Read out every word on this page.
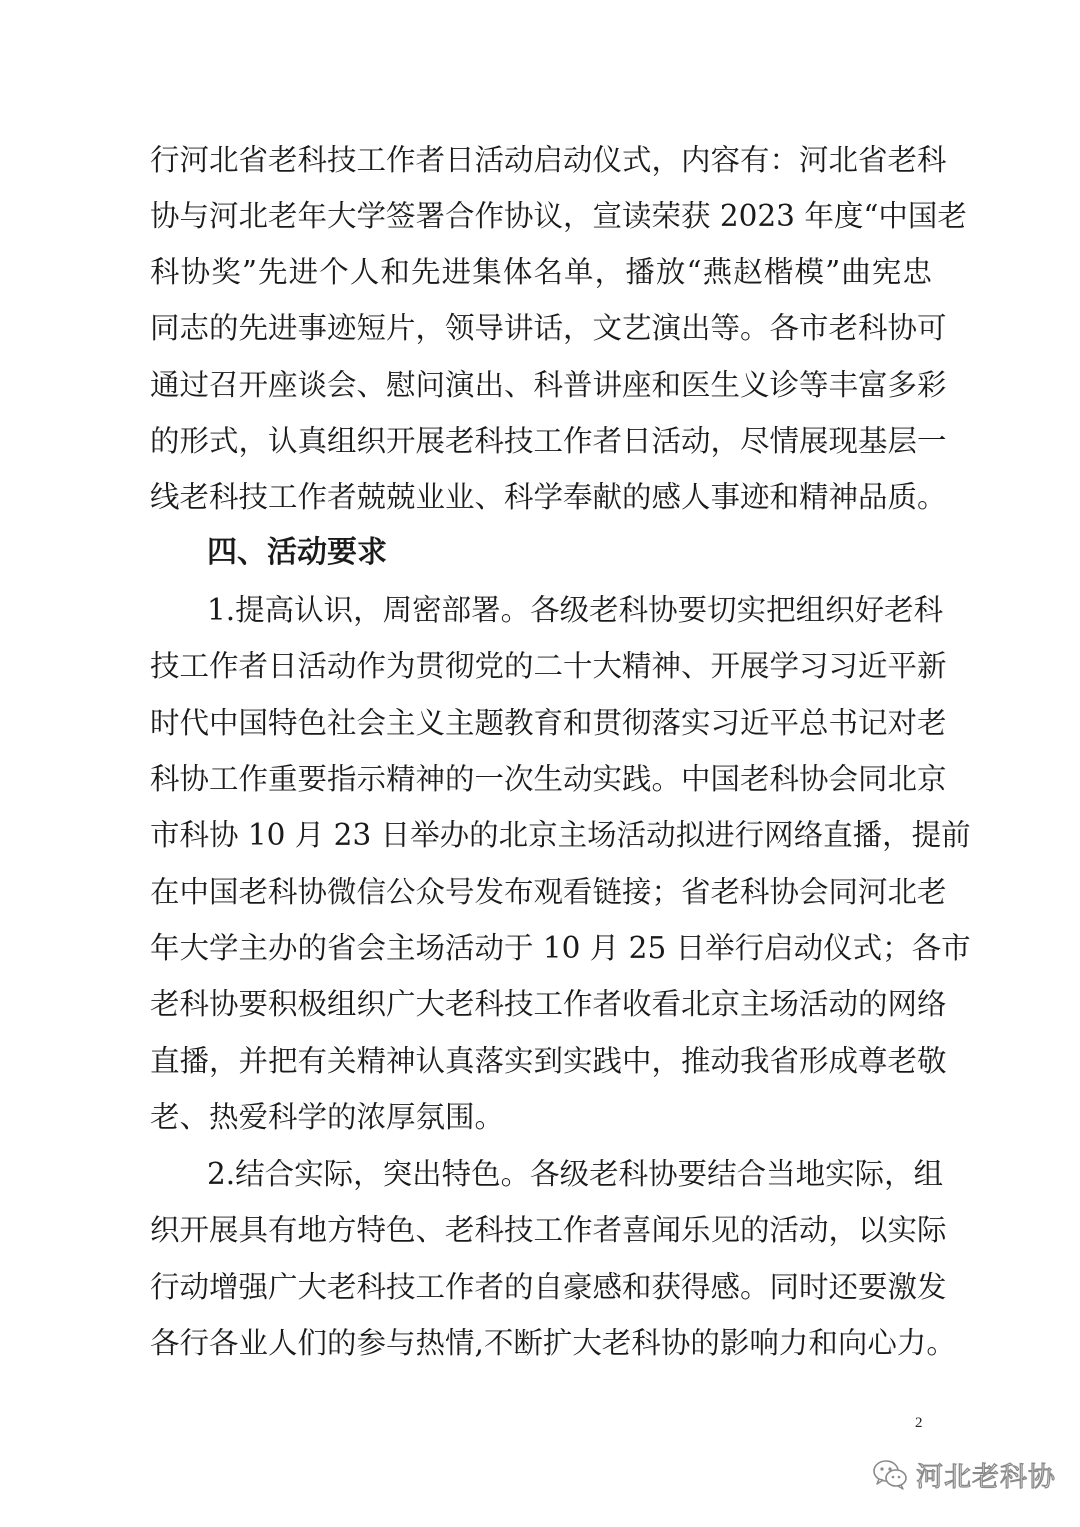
行河北省老科技工作者日活动启动仪式，内容有：河北省老科
协与河北老年大学签署合作协议，宣读荣获 2023 年度“中国老
科协奖”先进个人和先进集体名单，播放“燕赵楷模”曲宪忠
同志的先进事迹短片，领导讲话，文艺演出等。各市老科协可
通过召开座谈会、慰问演出、科普讲座和医生义诊等丰富多彩
的形式，认真组织开展老科技工作者日活动，尽情展现基层一
线老科技工作者兢兢业业、科学奉献的感人事迹和精神品质。
四、活动要求
1.提高认识，周密部署。各级老科协要切实把组织好老科
技工作者日活动作为贯彻党的二十大精神、开展学习习近平新
时代中国特色社会主义主题教育和贯彻落实习近平总书记对老
科协工作重要指示精神的一次生动实践。中国老科协会同北京
市科协 10 月 23 日举办的北京主场活动拟进行网络直播，提前
在中国老科协微信公众号发布观看链接；省老科协会同河北老
年大学主办的省会主场活动于 10 月 25 日举行启动仪式；各市
老科协要积极组织广大老科技工作者收看北京主场活动的网络
直播，并把有关精神认真落实到实践中，推动我省形成尊老敬
老、热爱科学的浓厚氛围。
2.结合实际，突出特色。各级老科协要结合当地实际，组
织开展具有地方特色、老科技工作者喜闻乐见的活动，以实际
行动增强广大老科技工作者的自豪感和获得感。同时还要激发
各行各业人们的参与热情,不断扩大老科协的影响力和向心力。
2
河北老科协
